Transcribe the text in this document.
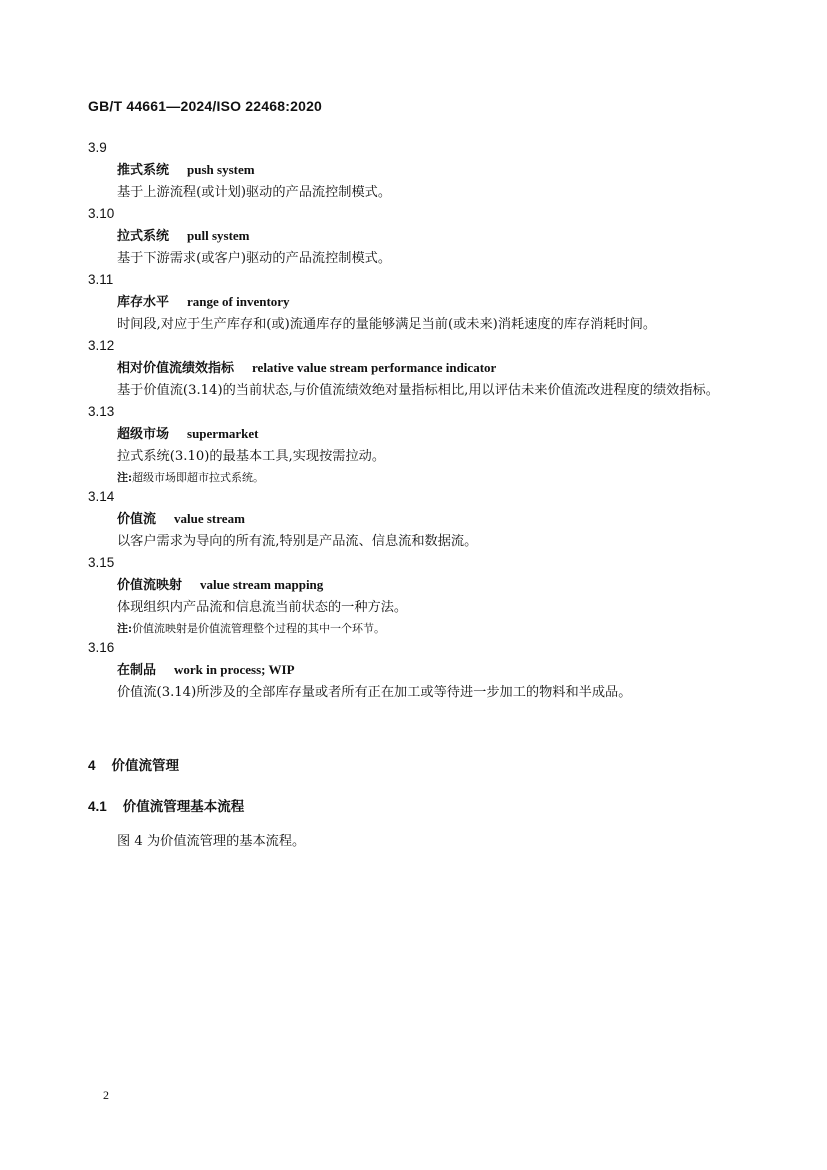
GB/T 44661—2024/ISO 22468:2020
3.9
推式系统 push system
基于上游流程(或计划)驱动的产品流控制模式。
3.10
拉式系统 pull system
基于下游需求(或客户)驱动的产品流控制模式。
3.11
库存水平 range of inventory
时间段,对应于生产库存和(或)流通库存的量能够满足当前(或未来)消耗速度的库存消耗时间。
3.12
相对价值流绩效指标 relative value stream performance indicator
基于价值流(3.14)的当前状态,与价值流绩效绝对量指标相比,用以评估未来价值流改进程度的绩效指标。
3.13
超级市场 supermarket
拉式系统(3.10)的最基本工具,实现按需拉动。
注:超级市场即超市拉式系统。
3.14
价值流 value stream
以客户需求为导向的所有流,特别是产品流、信息流和数据流。
3.15
价值流映射 value stream mapping
体现组织内产品流和信息流当前状态的一种方法。
注:价值流映射是价值流管理整个过程的其中一个环节。
3.16
在制品 work in process; WIP
价值流(3.14)所涉及的全部库存量或者所有正在加工或等待进一步加工的物料和半成品。
4 价值流管理
4.1 价值流管理基本流程
图 4 为价值流管理的基本流程。
2
